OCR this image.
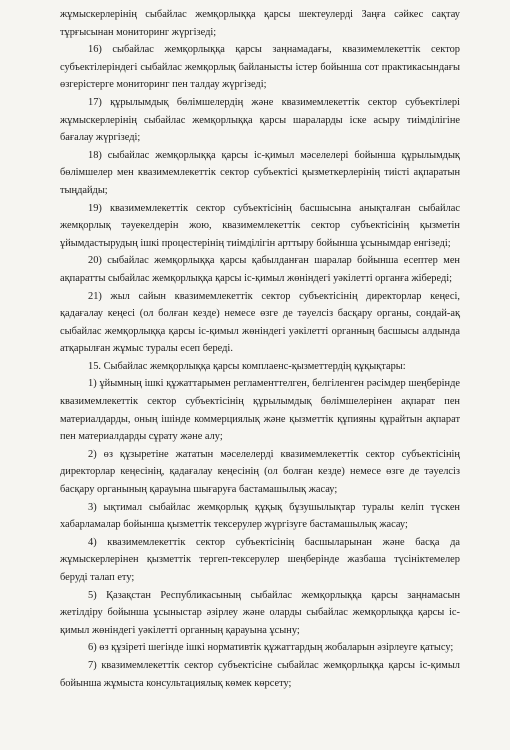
жұмыскерлерінің сыбайлас жемқорлыққа қарсы шектеулерді Заңға сәйкес сақтау тұрғысынан мониторинг жүргізеді;

16) сыбайлас жемқорлыққа қарсы заңнамадағы, квазимемлекеттік сектор субъектілеріндегі сыбайлас жемқорлық байланысты істер бойынша сот практикасындағы өзгерістерге мониторинг пен талдау жүргізеді;

17) құрылымдық бөлімшелердің және квазимемлекеттік сектор субъектілері жұмыскерлерінің сыбайлас жемқорлыққа қарсы шараларды іске асыру тиімділігіне бағалау жүргізеді;

18) сыбайлас жемқорлыққа қарсы іс-қимыл мәселелері бойынша құрылымдық бөлімшелер мен квазимемлекеттік сектор субъектісі қызметкерлерінің тиісті ақпаратын тыңдайды;

19) квазимемлекеттік сектор субъектісінің басшысына анықталған сыбайлас жемқорлық тәуекелдерін жою, квазимемлекеттік сектор субъектісінің қызметін ұйымдастырудың ішкі процестерінің тиімділігін арттыру бойынша ұсынымдар енгізеді;

20) сыбайлас жемқорлыққа қарсы қабылданған шаралар бойынша есептер мен ақпаратты сыбайлас жемқорлыққа қарсы іс-қимыл жөніндегі уәкілетті органға жібереді;

21) жыл сайын квазимемлекеттік сектор субъектісінің директорлар кеңесі, қадағалау кеңесі (ол болған кезде) немесе өзге де тәуелсіз басқару органы, сондай-ақ сыбайлас жемқорлыққа қарсы іс-қимыл жөніндегі уәкілетті органның басшысы алдында атқарылған жұмыс туралы есеп береді.

15. Сыбайлас жемқорлыққа қарсы комплаенс-қызметтердің құқықтары:

1) ұйымның ішкі құжаттарымен регламенттелген, белгіленген рәсімдер шеңберінде квазимемлекеттік сектор субъектісінің құрылымдық бөлімшелерінен ақпарат пен материалдарды, оның ішінде коммерциялық және қызметтік құпияны құрайтын ақпарат пен материалдарды сұрату және алу;

2) өз құзыретіне жататын мәселелерді квазимемлекеттік сектор субъектісінің директорлар кеңесінің, қадағалау кеңесінің (ол болған кезде) немесе өзге де тәуелсіз басқару органының қарауына шығаруға бастамашылық жасау;

3) ықтимал сыбайлас жемқорлық құқық бұзушылықтар туралы келіп түскен хабарламалар бойынша қызметтік тексерулер жүргізуге бастамашылық жасау;

4) квазимемлекеттік сектор субъектісінің басшыларынан және басқа да жұмыскерлерінен қызметтік тергеп-тексерулер шеңберінде жазбаша түсініктемелер беруді талап ету;

5) Қазақстан Республикасының сыбайлас жемқорлыққа қарсы заңнамасын жетілдіру бойынша ұсыныстар әзірлеу және оларды сыбайлас жемқорлыққа қарсы іс-қимыл жөніндегі уәкілетті органның қарауына ұсыну;

6) өз құзіреті шегінде ішкі нормативтік құжаттардың жобаларын әзірлеуге қатысу;

7) квазимемлекеттік сектор субъектісіне сыбайлас жемқорлыққа қарсы іс-қимыл бойынша жұмыста консультациялық көмек көрсету;
